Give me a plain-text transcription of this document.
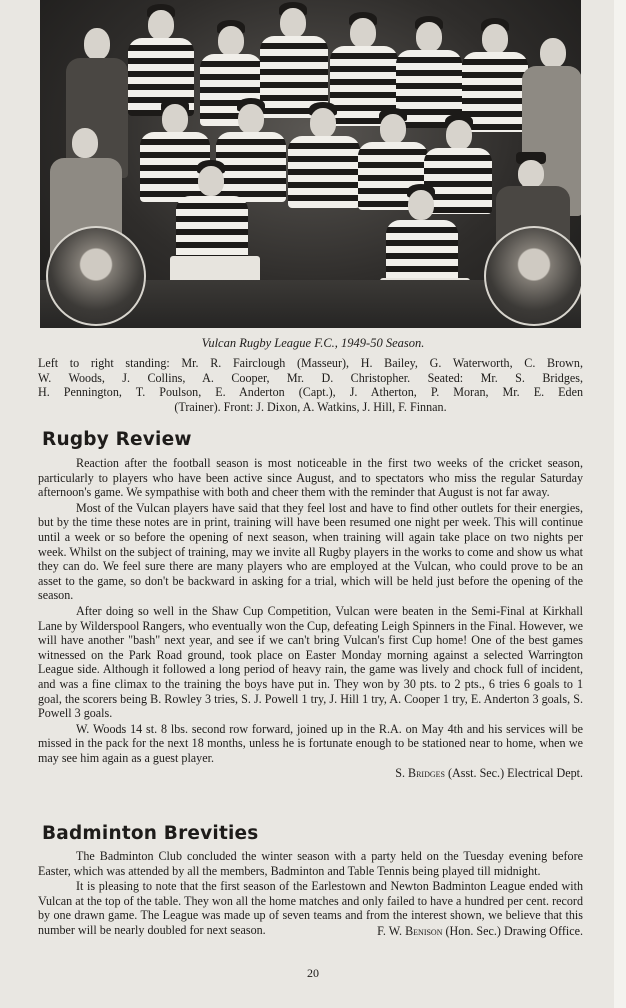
Vulcan Rugby League F.C., 1949-50 Season.
Left to right standing: Mr. R. Fairclough (Masseur), H. Bailey, G. Waterworth, C. Brown,
W. Woods, J. Collins, A. Cooper, Mr. D. Christopher. Seated: Mr. S. Bridges,
H. Pennington, T. Poulson, E. Anderton (Capt.), J. Atherton, P. Moran, Mr. E. Eden
(Trainer). Front: J. Dixon, A. Watkins, J. Hill, F. Finnan.
Rugby Review

Reaction after the football season is most noticeable in the first two weeks of the cricket season, particularly to players who have been active since August, and to spectators who miss the regular Saturday afternoon's game. We sympathise with both and cheer them with the reminder that August is not far away.

Most of the Vulcan players have said that they feel lost and have to find other outlets for their energies, but by the time these notes are in print, training will have been resumed one night per week. This will continue until a week or so before the opening of next season, when training will again take place on two nights per week. Whilst on the subject of training, may we invite all Rugby players in the works to come and show us what they can do. We feel sure there are many players who are employed at the Vulcan, who could prove to be an asset to the game, so don't be backward in asking for a trial, which will be held just before the opening of the season.

After doing so well in the Shaw Cup Competition, Vulcan were beaten in the Semi-Final at Kirkhall Lane by Wilderspool Rangers, who eventually won the Cup, defeating Leigh Spinners in the Final. However, we will have another "bash" next year, and see if we can't bring Vulcan's first Cup home! One of the best games witnessed on the Park Road ground, took place on Easter Monday morning against a selected Warrington League side. Although it followed a long period of heavy rain, the game was lively and chock full of incident, and was a fine climax to the training the boys have put in. They won by 30 pts. to 2 pts., 6 tries 6 goals to 1 goal, the scorers being B. Rowley 3 tries, S. J. Powell 1 try, J. Hill 1 try, A. Cooper 1 try, E. Anderton 3 goals, S. Powell 3 goals.

W. Woods 14 st. 8 lbs. second row forward, joined up in the R.A. on May 4th and his services will be missed in the pack for the next 18 months, unless he is fortunate enough to be stationed near to home, when we may see him again as a guest player.

S. Bridges (Asst. Sec.) Electrical Dept.
Badminton Brevities

The Badminton Club concluded the winter season with a party held on the Tuesday evening before Easter, which was attended by all the members, Badminton and Table Tennis being played till midnight.

It is pleasing to note that the first season of the Earlestown and Newton Badminton League ended with Vulcan at the top of the table. They won all the home matches and only failed to have a hundred per cent. record by one drawn game. The League was made up of seven teams and from the interest shown, we believe that this number will be nearly doubled for next season.	F. W. Benison (Hon. Sec.) Drawing Office.
20
